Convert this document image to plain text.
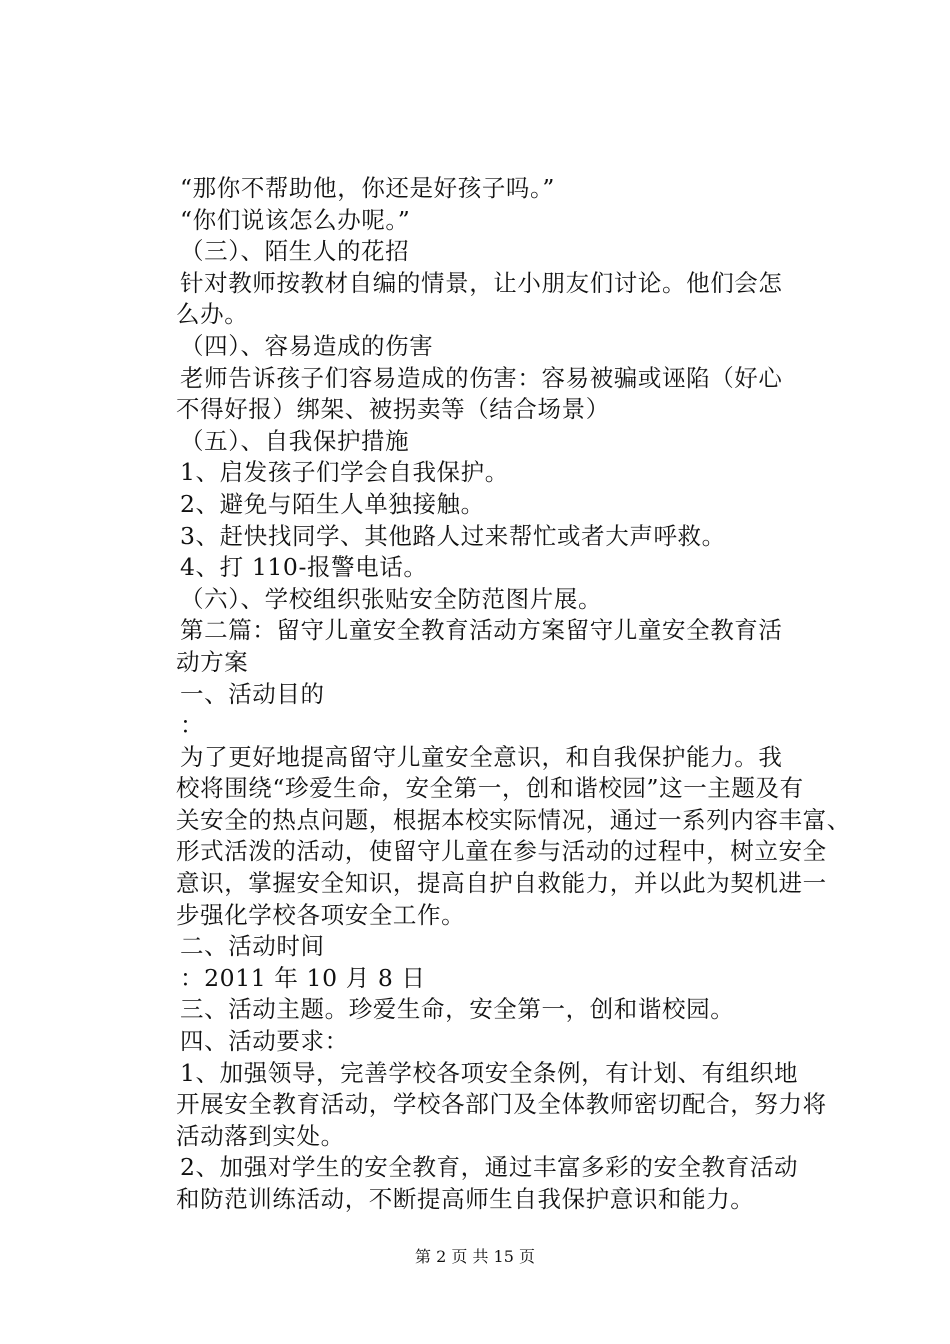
“那你不帮助他，你还是好孩子吗。”
“你们说该怎么办呢。”
（三）、陌生人的花招
针对教师按教材自编的情景，让小朋友们讨论。他们会怎
么办。
（四）、容易造成的伤害
老师告诉孩子们容易造成的伤害：容易被骗或诬陷（好心
不得好报）绑架、被拐卖等（结合场景）
（五）、自我保护措施
1、启发孩子们学会自我保护。
2、避免与陌生人单独接触。
3、赶快找同学、其他路人过来帮忙或者大声呼救。
4、打 110-报警电话。
（六）、学校组织张贴安全防范图片展。
第二篇：留守儿童安全教育活动方案留守儿童安全教育活
动方案
一、活动目的
：
为了更好地提高留守儿童安全意识，和自我保护能力。我
校将围绕“珍爱生命，安全第一，创和谐校园”这一主题及有
关安全的热点问题，根据本校实际情况，通过一系列内容丰富、
形式活泼的活动，使留守儿童在参与活动的过程中，树立安全
意识，掌握安全知识，提高自护自救能力，并以此为契机进一
步强化学校各项安全工作。
二、活动时间
：2011 年 10 月 8 日
三、活动主题。珍爱生命，安全第一，创和谐校园。
四、活动要求：
1、加强领导，完善学校各项安全条例，有计划、有组织地
开展安全教育活动，学校各部门及全体教师密切配合，努力将
活动落到实处。
2、加强对学生的安全教育，通过丰富多彩的安全教育活动
和防范训练活动，不断提高师生自我保护意识和能力。
第 2 页 共 15 页
